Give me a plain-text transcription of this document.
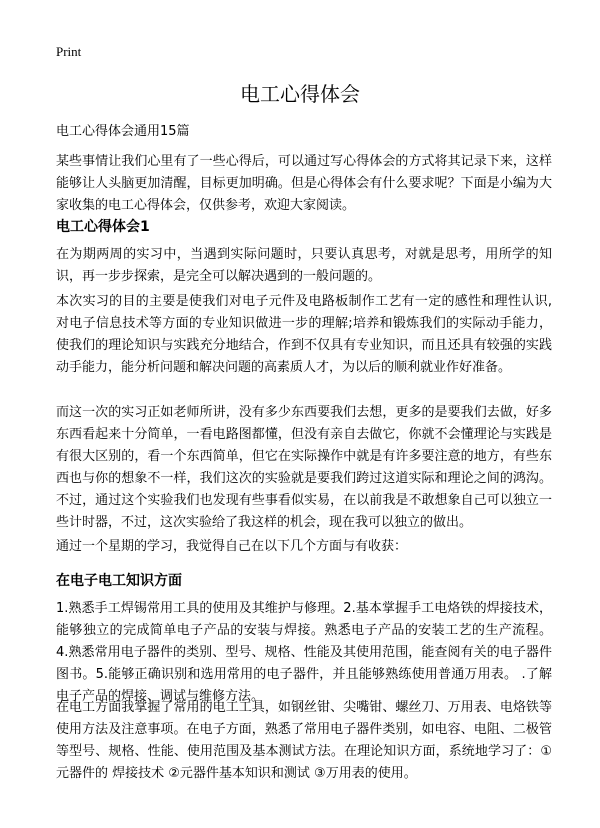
Print
电工心得体会
电工心得体会通用15篇
某些事情让我们心里有了一些心得后，可以通过写心得体会的方式将其记录下来，这样能够让人头脑更加清醒，目标更加明确。但是心得体会有什么要求呢？下面是小编为大家收集的电工心得体会，仅供参考，欢迎大家阅读。
电工心得体会1
在为期两周的实习中，当遇到实际问题时，只要认真思考，对就是思考，用所学的知识，再一步步探索，是完全可以解决遇到的一般问题的。
本次实习的目的主要是使我们对电子元件及电路板制作工艺有一定的感性和理性认识,对电子信息技术等方面的专业知识做进一步的理解;培养和锻炼我们的实际动手能力，使我们的理论知识与实践充分地结合，作到不仅具有专业知识，而且还具有较强的实践动手能力，能分析问题和解决问题的高素质人才，为以后的顺利就业作好准备。
而这一次的实习正如老师所讲，没有多少东西要我们去想，更多的是要我们去做，好多东西看起来十分简单，一看电路图都懂，但没有亲自去做它，你就不会懂理论与实践是有很大区别的，看一个东西简单，但它在实际操作中就是有许多要注意的地方，有些东西也与你的想象不一样，我们这次的实验就是要我们跨过这道实际和理论之间的鸿沟。不过，通过这个实验我们也发现有些事看似实易，在以前我是不敢想象自己可以独立一些计时器，不过，这次实验给了我这样的机会，现在我可以独立的做出。
通过一个星期的学习，我觉得自己在以下几个方面与有收获：
在电子电工知识方面
1.熟悉手工焊锡常用工具的使用及其维护与修理。2.基本掌握手工电烙铁的焊接技术，能够独立的完成简单电子产品的安装与焊接。熟悉电子产品的安装工艺的生产流程。 4.熟悉常用电子器件的类别、型号、规格、性能及其使用范围，能查阅有关的电子器件图书。5.能够正确识别和选用常用的电子器件，并且能够熟练使用普通万用表。 .了解电子产品的焊接、调试与维修方法。
在电工方面我掌握了常用的电工工具，如钢丝钳、尖嘴钳、螺丝刀、万用表、电烙铁等使用方法及注意事项。在电子方面，熟悉了常用电子器件类别，如电容、电阻、二极管等型号、规格、性能、使用范围及基本测试方法。在理论知识方面，系统地学习了：①元器件的 焊接技术 ②元器件基本知识和测试 ③万用表的使用。
